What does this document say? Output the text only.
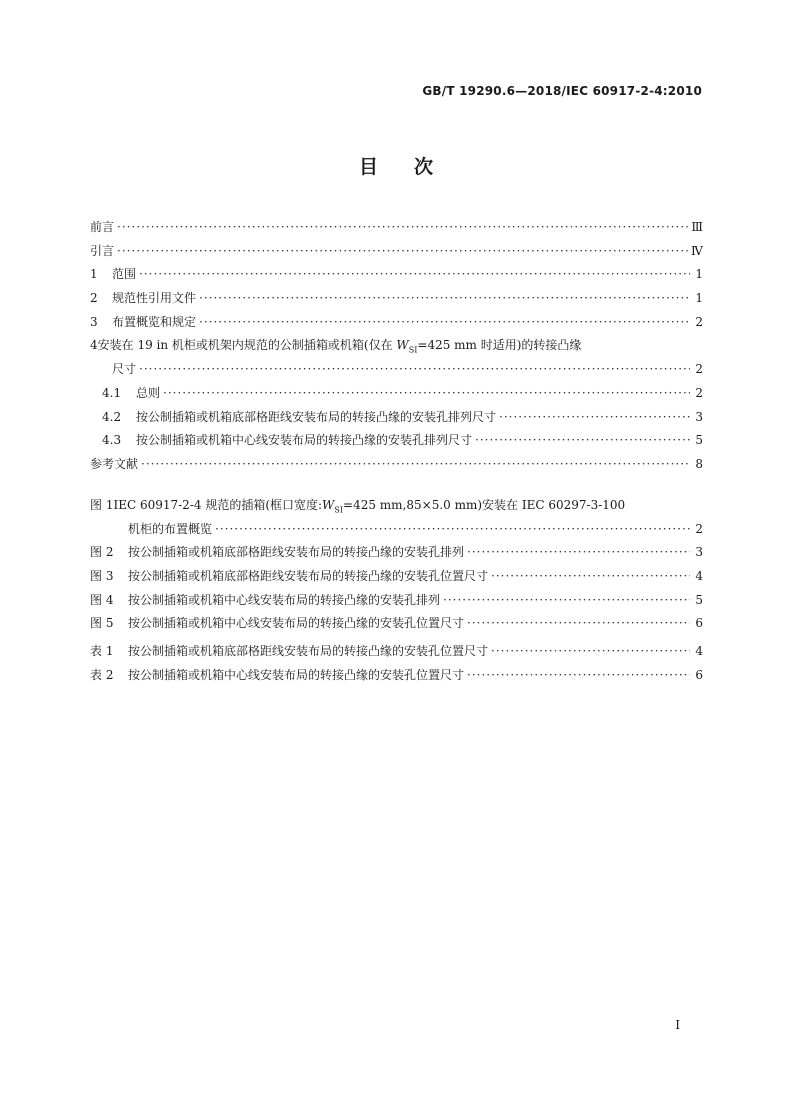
GB/T 19290.6—2018/IEC 60917-2-4:2010
目次
前言 ·····	Ⅲ
引言 ·····	Ⅳ
1	范围 ·····	1
2	规范性引用文件 ·····	1
3	布置概览和规定 ·····	2
4安装在 19 in 机柜或机架内规范的公制插箱或机箱(仅在 $W_{SI}=425$ mm 时适用)的转接凸缘
尺寸 ·····	2
4.1	总则 ·····	2
4.2	按公制插箱或机箱底部格距线安装布局的转接凸缘的安装孔排列尺寸 ·····	3
4.3	按公制插箱或机箱中心线安装布局的转接凸缘的安装孔排列尺寸 ·····	5
参考文献 ·····	8
图 1IEC 60917-2-4 规范的插箱(框口宽度$:W_{SI}=425$ mm,85×5.0 mm)安装在 IEC 60297-3-100
机柜的布置概览 ·····	2
图 2	按公制插箱或机箱底部格距线安装布局的转接凸缘的安装孔排列 ·····	3
图 3	按公制插箱或机箱底部格距线安装布局的转接凸缘的安装孔位置尺寸 ·····	4
图 4	按公制插箱或机箱中心线安装布局的转接凸缘的安装孔排列 ·····	5
图 5	按公制插箱或机箱中心线安装布局的转接凸缘的安装孔位置尺寸 ·····	6
表 1	按公制插箱或机箱底部格距线安装布局的转接凸缘的安装孔位置尺寸 ·····	4
表 2	按公制插箱或机箱中心线安装布局的转接凸缘的安装孔位置尺寸 ·····	6
I
